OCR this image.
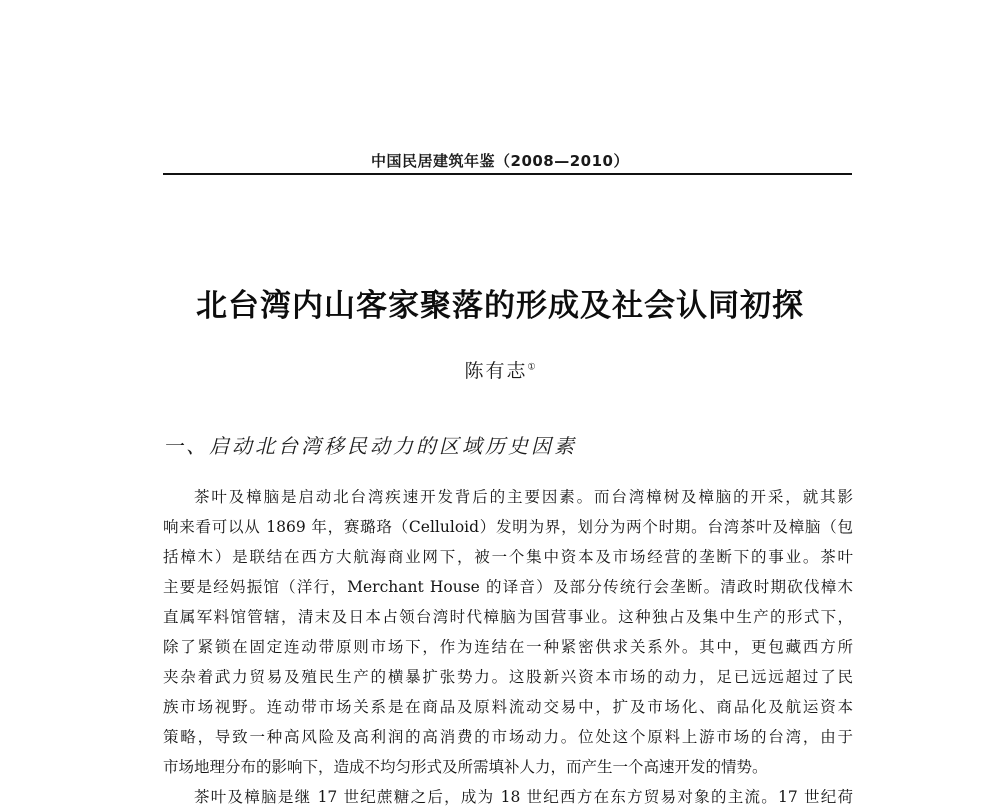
中国民居建筑年鉴（2008—2010）
北台湾内山客家聚落的形成及社会认同初探
陈有志①
一、启动北台湾移民动力的区域历史因素
茶叶及樟脑是启动北台湾疾速开发背后的主要因素。而台湾樟树及樟脑的开采，就其影
响来看可以从 1869 年，赛璐珞（Celluloid）发明为界，划分为两个时期。台湾茶叶及樟脑（包
括樟木）是联结在西方大航海商业网下，被一个集中资本及市场经营的垄断下的事业。茶叶
主要是经妈振馆（洋行，Merchant House 的译音）及部分传统行会垄断。清政时期砍伐樟木
直属军料馆管辖，清末及日本占领台湾时代樟脑为国营事业。这种独占及集中生产的形式下，
除了紧锁在固定连动带原则市场下，作为连结在一种紧密供求关系外。其中，更包藏西方所
夹杂着武力贸易及殖民生产的横暴扩张势力。这股新兴资本市场的动力，足已远远超过了民
族市场视野。连动带市场关系是在商品及原料流动交易中，扩及市场化、商品化及航运资本
策略，导致一种高风险及高利润的高消费的市场动力。位处这个原料上游市场的台湾，由于
市场地理分布的影响下，造成不均匀形式及所需填补人力，而产生一个高速开发的情势。
茶叶及樟脑是继 17 世纪蔗糖之后，成为 18 世纪西方在东方贸易对象的主流。17 世纪荷
